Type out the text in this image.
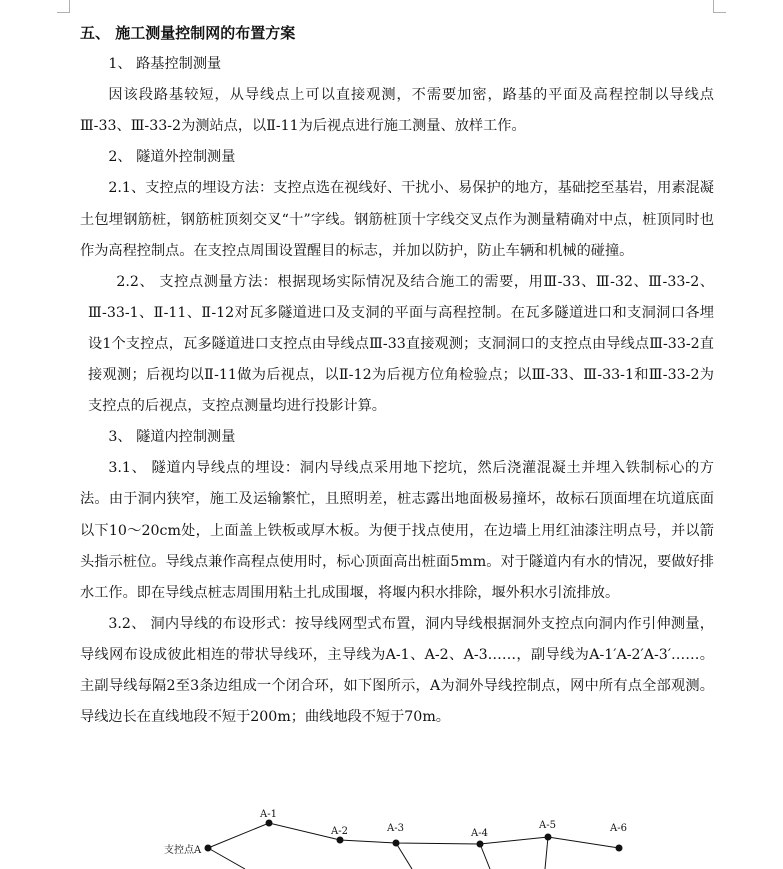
五、 施工测量控制网的布置方案

1、 路基控制测量

因该段路基较短，从导线点上可以直接观测，不需要加密，路基的平面及高程控制以导线点Ⅲ-33、Ⅲ-33-2为测站点，以Ⅱ-11为后视点进行施工测量、放样工作。

2、 隧道外控制测量

2.1、支控点的埋设方法：支控点选在视线好、干扰小、易保护的地方，基础挖至基岩，用素混凝土包埋钢筋桩，钢筋桩顶刻交叉“十”字线。钢筋桩顶十字线交叉点作为测量精确对中点，桩顶同时也作为高程控制点。在支控点周围设置醒目的标志，并加以防护，防止车辆和机械的碰撞。

2.2、 支控点测量方法：根据现场实际情况及结合施工的需要，用Ⅲ-33、Ⅲ-32、Ⅲ-33-2、Ⅲ-33-1、Ⅱ-11、Ⅱ-12对瓦多隧道进口及支洞的平面与高程控制。在瓦多隧道进口和支洞洞口各埋设1个支控点，瓦多隧道进口支控点由导线点Ⅲ-33直接观测；支洞洞口的支控点由导线点Ⅲ-33-2直接观测；后视均以Ⅱ-11做为后视点，以Ⅱ-12为后视方位角检验点；以Ⅲ-33、Ⅲ-33-1和Ⅲ-33-2为支控点的后视点，支控点测量均进行投影计算。

3、 隧道内控制测量

3.1、 隧道内导线点的埋设：洞内导线点采用地下挖坑，然后浇灌混凝土并埋入铁制标心的方法。由于洞内狭窄，施工及运输繁忙，且照明差，桩志露出地面极易撞坏，故标石顶面埋在坑道底面以下10～20cm处，上面盖上铁板或厚木板。为便于找点使用，在边墙上用红油漆注明点号，并以箭头指示桩位。导线点兼作高程点使用时，标心顶面高出桩面5mm。对于隧道内有水的情况，要做好排水工作。即在导线点桩志周围用粘土扎成围堰，将堰内积水排除，堰外积水引流排放。

3.2、 洞内导线的布设形式：按导线网型式布置，洞内导线根据洞外支控点向洞内作引伸测量，导线网布设成彼此相连的带状导线环，主导线为A-1、A-2、A-3……，副导线为A-1′A-2′A-3′……。主副导线每隔2至3条边组成一个闭合环，如下图所示，A为洞外导线控制点，网中所有点全部观测。导线边长在直线地段不短于200m；曲线地段不短于70m。

支控点A
A-1
A-2	A-3	A-4
A-5	A-6
